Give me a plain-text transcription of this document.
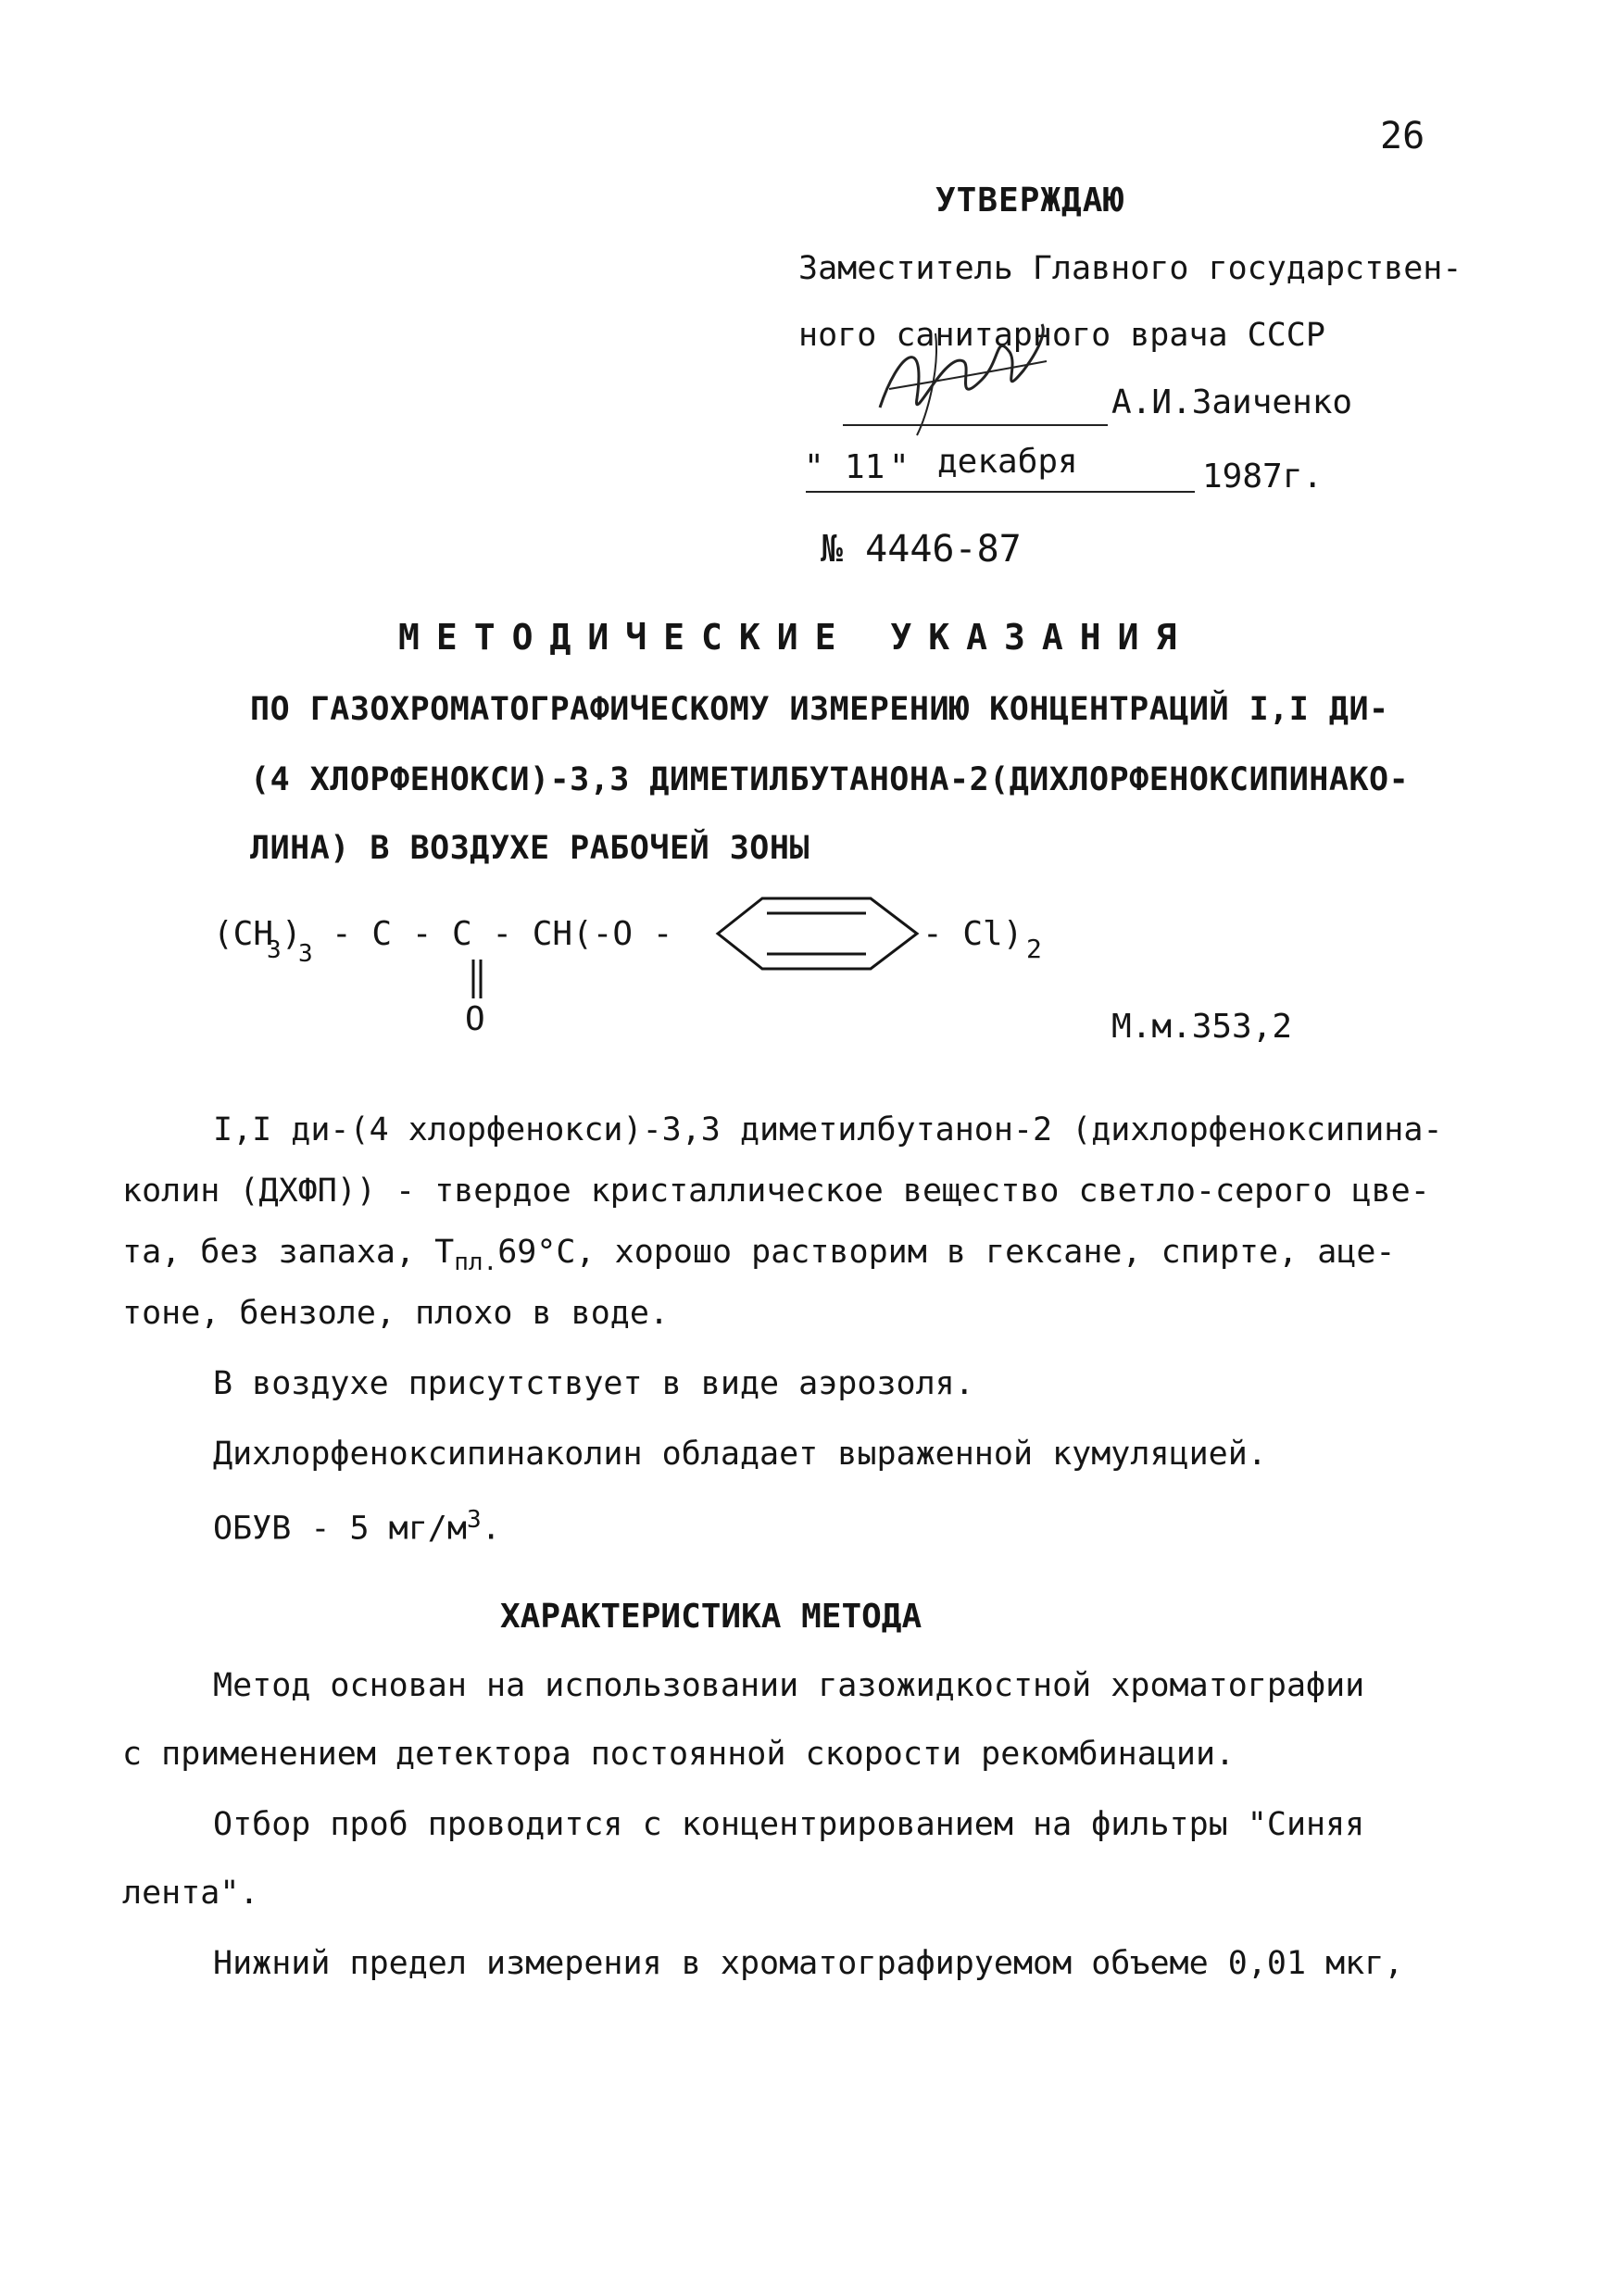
26
УТВЕРЖДАЮ
Заместитель Главного государствен-
ного санитарного врача СССР
А.И.Заиченко
" 11 " декабря	1987г.
№ 4446-87
МЕТОДИЧЕСКИЕ УКАЗАНИЯ
ПО ГАЗОХРОМАТОГРАФИЧЕСКОМУ ИЗМЕРЕНИЮ КОНЦЕНТРАЦИЙ I,I ДИ-
(4 ХЛОРФЕНОКСИ)-3,3 ДИМЕТИЛБУТАНОНА-2(ДИХЛОРФЕНОКСИПИНАКО-
ЛИНА) В ВОЗДУХЕ РАБОЧЕЙ ЗОНЫ
(CH
3 )
3
- C - C - CH(-O -
O
- Cl) 2
М.м.353,2
I,I ди-(4 хлорфенокси)-3,3 диметилбутанон-2 (дихлорфеноксипина-
колин (ДХФП)) - твердое кристаллическое вещество светло-серого цве-
та, без запаха, $Т_{пл.}69^\circ С$, хорошо растворим в гексане, спирте, аце-
тоне, бензоле, плохо в воде.
В воздухе присутствует в виде аэрозоля.
Дихлорфеноксипинаколин обладает выраженной кумуляцией.
ОБУВ - 5 $мг/м^3$.
ХАРАКТЕРИСТИКА МЕТОДА
Метод основан на использовании газожидкостной хроматографии
с применением детектора постоянной скорости рекомбинации.
Отбор проб проводится с концентрированием на фильтры "Синяя
лента".
Нижний предел измерения в хроматографируемом объеме 0,01 мкг,
